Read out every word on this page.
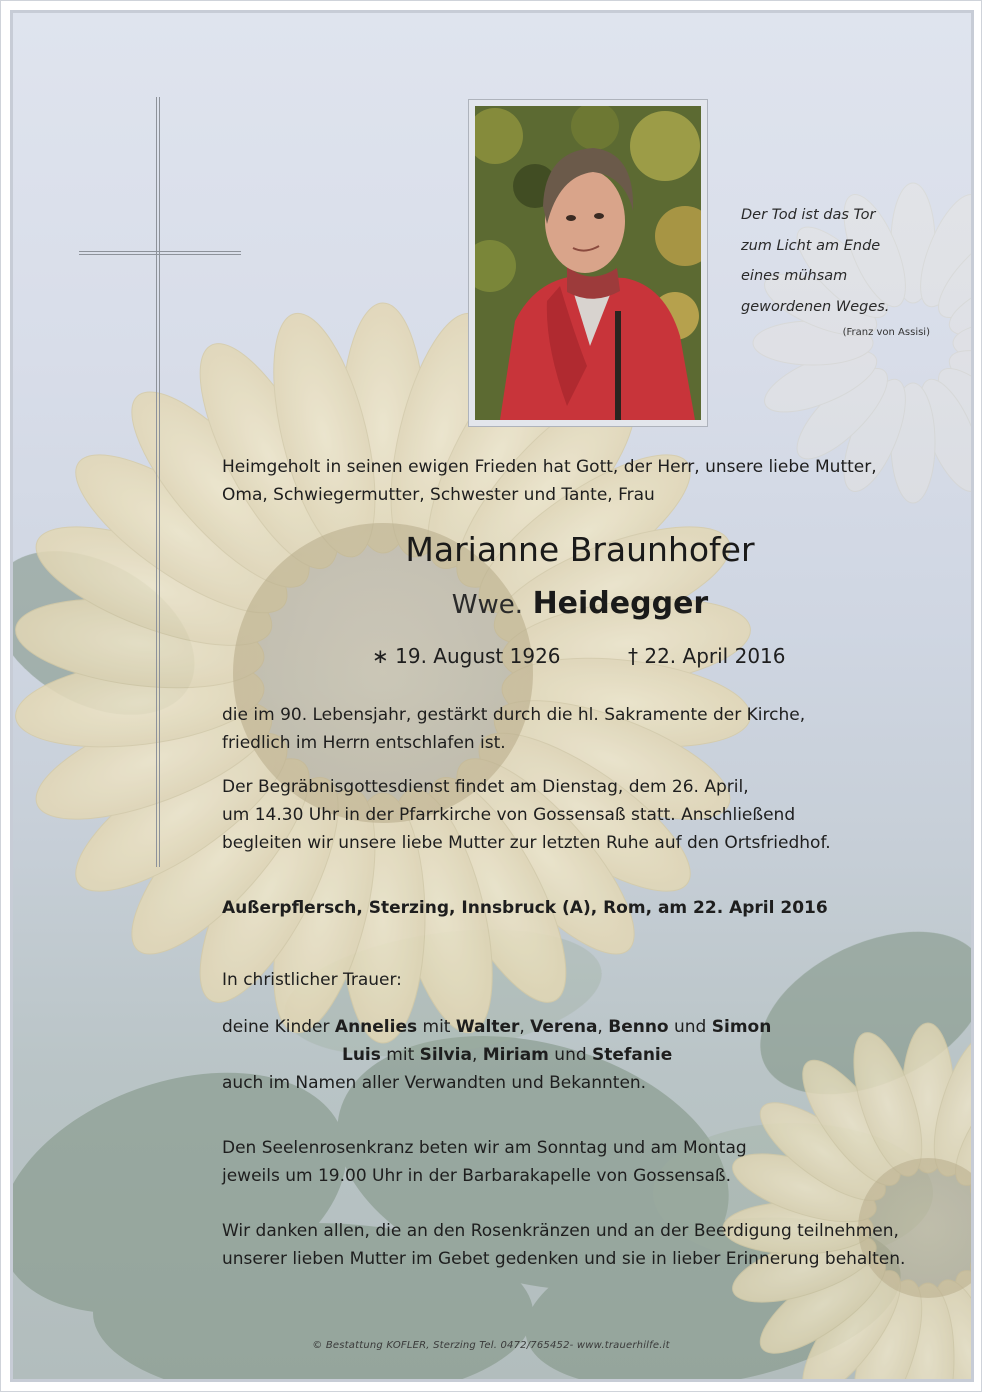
Der Tod ist das Tor
zum Licht am Ende
eines mühsam
gewordenen Weges.
(Franz von Assisi)
Heimgeholt in seinen ewigen Frieden hat Gott, der Herr, unsere liebe Mutter,
Oma, Schwiegermutter, Schwester und Tante, Frau
Marianne Braunhofer
Wwe. Heidegger
∗ 19. August 1926	† 22. April 2016
die im 90. Lebensjahr, gestärkt durch die hl. Sakramente der Kirche,
friedlich im Herrn entschlafen ist.
Der Begräbnisgottesdienst findet am Dienstag, dem 26. April,
um 14.30 Uhr in der Pfarrkirche von Gossensaß statt. Anschließend
begleiten wir unsere liebe Mutter zur letzten Ruhe auf den Ortsfriedhof.
Außerpflersch, Sterzing, Innsbruck (A), Rom, am 22. April 2016
In christlicher Trauer:
deine Kinder Annelies mit Walter, Verena, Benno und Simon
Luis mit Silvia, Miriam und Stefanie
auch im Namen aller Verwandten und Bekannten.
Den Seelenrosenkranz beten wir am Sonntag und am Montag
jeweils um 19.00 Uhr in der Barbarakapelle von Gossensaß.
Wir danken allen, die an den Rosenkränzen und an der Beerdigung teilnehmen,
unserer lieben Mutter im Gebet gedenken und sie in lieber Erinnerung behalten.
© Bestattung KOFLER, Sterzing Tel. 0472/765452- www.trauerhilfe.it
